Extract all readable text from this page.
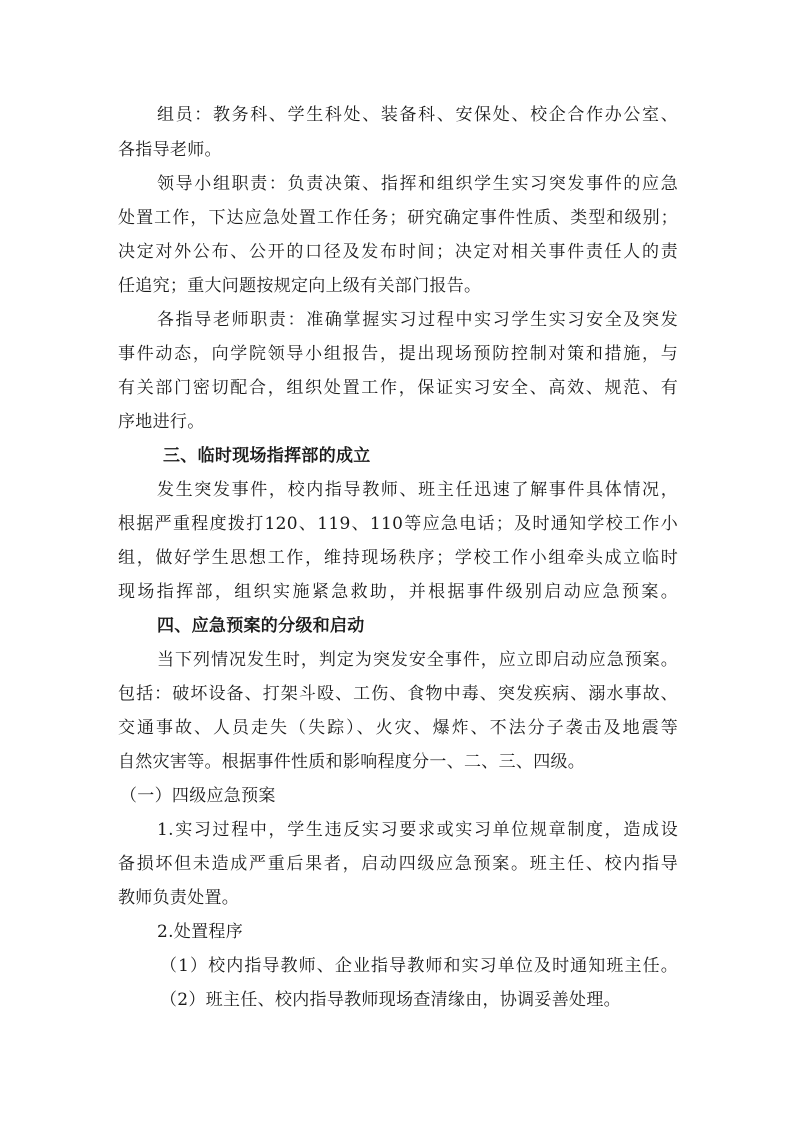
组员：教务科、学生科处、装备科、安保处、校企合作办公室、
各指导老师。
领导小组职责：负责决策、指挥和组织学生实习突发事件的应急
处置工作，下达应急处置工作任务；研究确定事件性质、类型和级别；
决定对外公布、公开的口径及发布时间；决定对相关事件责任人的责
任追究；重大问题按规定向上级有关部门报告。
各指导老师职责：准确掌握实习过程中实习学生实习安全及突发
事件动态，向学院领导小组报告，提出现场预防控制对策和措施，与
有关部门密切配合，组织处置工作，保证实习安全、高效、规范、有
序地进行。
三、临时现场指挥部的成立
发生突发事件，校内指导教师、班主任迅速了解事件具体情况，
根据严重程度拨打120、119、110等应急电话；及时通知学校工作小
组，做好学生思想工作，维持现场秩序；学校工作小组牵头成立临时
现场指挥部，组织实施紧急救助，并根据事件级别启动应急预案。
四、应急预案的分级和启动
当下列情况发生时，判定为突发安全事件，应立即启动应急预案。
包括：破坏设备、打架斗殴、工伤、食物中毒、突发疾病、溺水事故、
交通事故、人员走失（失踪）、火灾、爆炸、不法分子袭击及地震等
自然灾害等。根据事件性质和影响程度分一、二、三、四级。
（一）四级应急预案
1.实习过程中，学生违反实习要求或实习单位规章制度，造成设
备损坏但未造成严重后果者，启动四级应急预案。班主任、校内指导
教师负责处置。
2.处置程序
（1）校内指导教师、企业指导教师和实习单位及时通知班主任。
（2）班主任、校内指导教师现场查清缘由，协调妥善处理。
